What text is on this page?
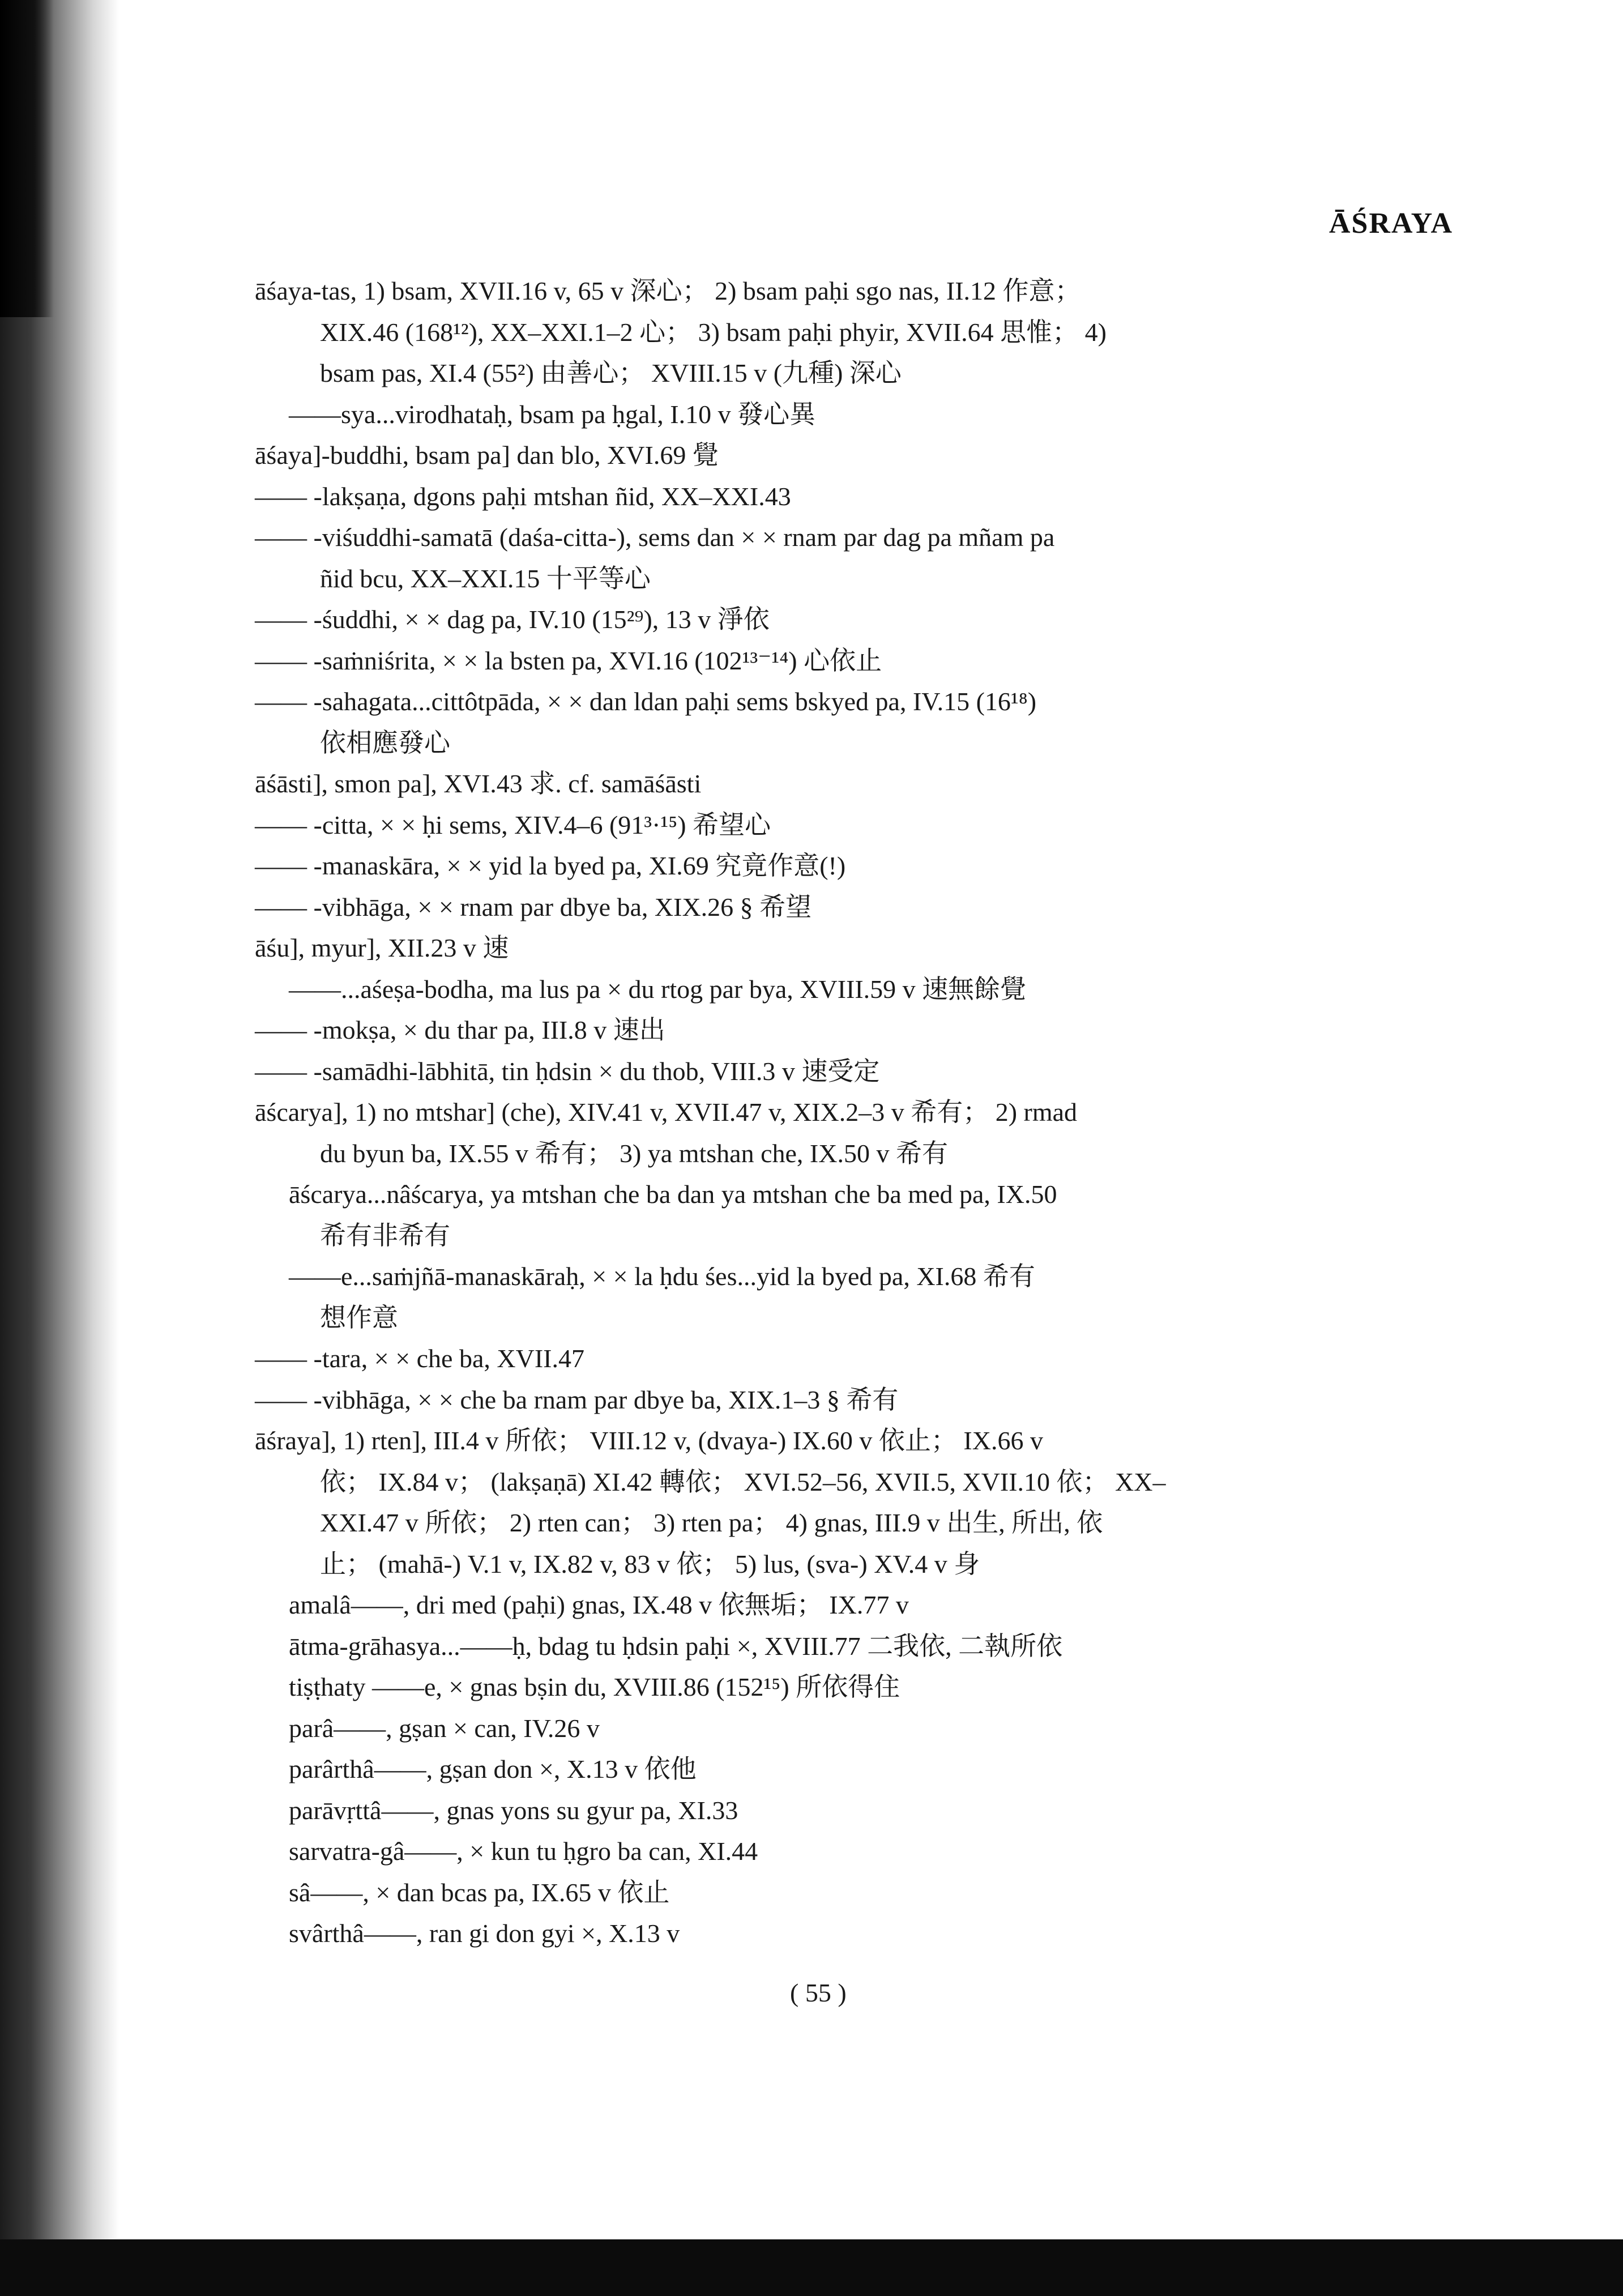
ĀŚRAYA
āśaya-tas, 1) bsam, XVII.16 v, 65 v 深心； 2) bsam paḥi sgo nas, II.12 作意；
XIX.46 (168¹²), XX–XXI.1–2 心； 3) bsam paḥi phyir, XVII.64 思惟； 4)
bsam pas, XI.4 (55²) 由善心； XVIII.15 v (九種) 深心
——sya...virodhataḥ, bsam pa ḥgal, I.10 v 發心異
āśaya]-buddhi, bsam pa] dan blo, XVI.69 覺
—— -lakṣaṇa, dgons paḥi mtshan ñid, XX–XXI.43
—— -viśuddhi-samatā (daśa-citta-), sems dan × × rnam par dag pa mñam pa
ñid bcu, XX–XXI.15 十平等心
—— -śuddhi, × × dag pa, IV.10 (15²⁹), 13 v 淨依
—— -saṁniśrita, × × la bsten pa, XVI.16 (102¹³⁻¹⁴) 心依止
—— -sahagata...cittôtpāda, × × dan ldan paḥi sems bskyed pa, IV.15 (16¹⁸)
依相應發心
āśāsti], smon pa], XVI.43 求. cf. samāśāsti
—— -citta, × × ḥi sems, XIV.4–6 (91³·¹⁵) 希望心
—— -manaskāra, × × yid la byed pa, XI.69 究竟作意(!)
—— -vibhāga, × × rnam par dbye ba, XIX.26 § 希望
āśu], myur], XII.23 v 速
——...aśeṣa-bodha, ma lus pa × du rtog par bya, XVIII.59 v 速無餘覺
—— -mokṣa, × du thar pa, III.8 v 速出
—— -samādhi-lābhitā, tin ḥdsin × du thob, VIII.3 v 速受定
āścarya], 1) no mtshar] (che), XIV.41 v, XVII.47 v, XIX.2–3 v 希有； 2) rmad
du byun ba, IX.55 v 希有； 3) ya mtshan che, IX.50 v 希有
āścarya...nâścarya, ya mtshan che ba dan ya mtshan che ba med pa, IX.50
希有非希有
——e...saṁjñā-manaskāraḥ, × × la ḥdu śes...yid la byed pa, XI.68 希有
想作意
—— -tara, × × che ba, XVII.47
—— -vibhāga, × × che ba rnam par dbye ba, XIX.1–3 § 希有
āśraya], 1) rten], III.4 v 所依； VIII.12 v, (dvaya-) IX.60 v 依止； IX.66 v
依； IX.84 v； (lakṣaṇā) XI.42 轉依； XVI.52–56, XVII.5, XVII.10 依； XX–
XXI.47 v 所依； 2) rten can； 3) rten pa； 4) gnas, III.9 v 出生, 所出, 依
止； (mahā-) V.1 v, IX.82 v, 83 v 依； 5) lus, (sva-) XV.4 v 身
amalâ——, dri med (paḥi) gnas, IX.48 v 依無垢； IX.77 v
ātma-grāhasya...——ḥ, bdag tu ḥdsin paḥi ×, XVIII.77 二我依, 二執所依
tiṣṭhaty ——e, × gnas bṣin du, XVIII.86 (152¹⁵) 所依得住
parâ——, gṣan × can, IV.26 v
parârthâ——, gṣan don ×, X.13 v 依他
parāvṛttâ——, gnas yons su gyur pa, XI.33
sarvatra-gâ——, × kun tu ḥgro ba can, XI.44
sâ——, × dan bcas pa, IX.65 v 依止
svârthâ——, ran gi don gyi ×, X.13 v
( 55 )
